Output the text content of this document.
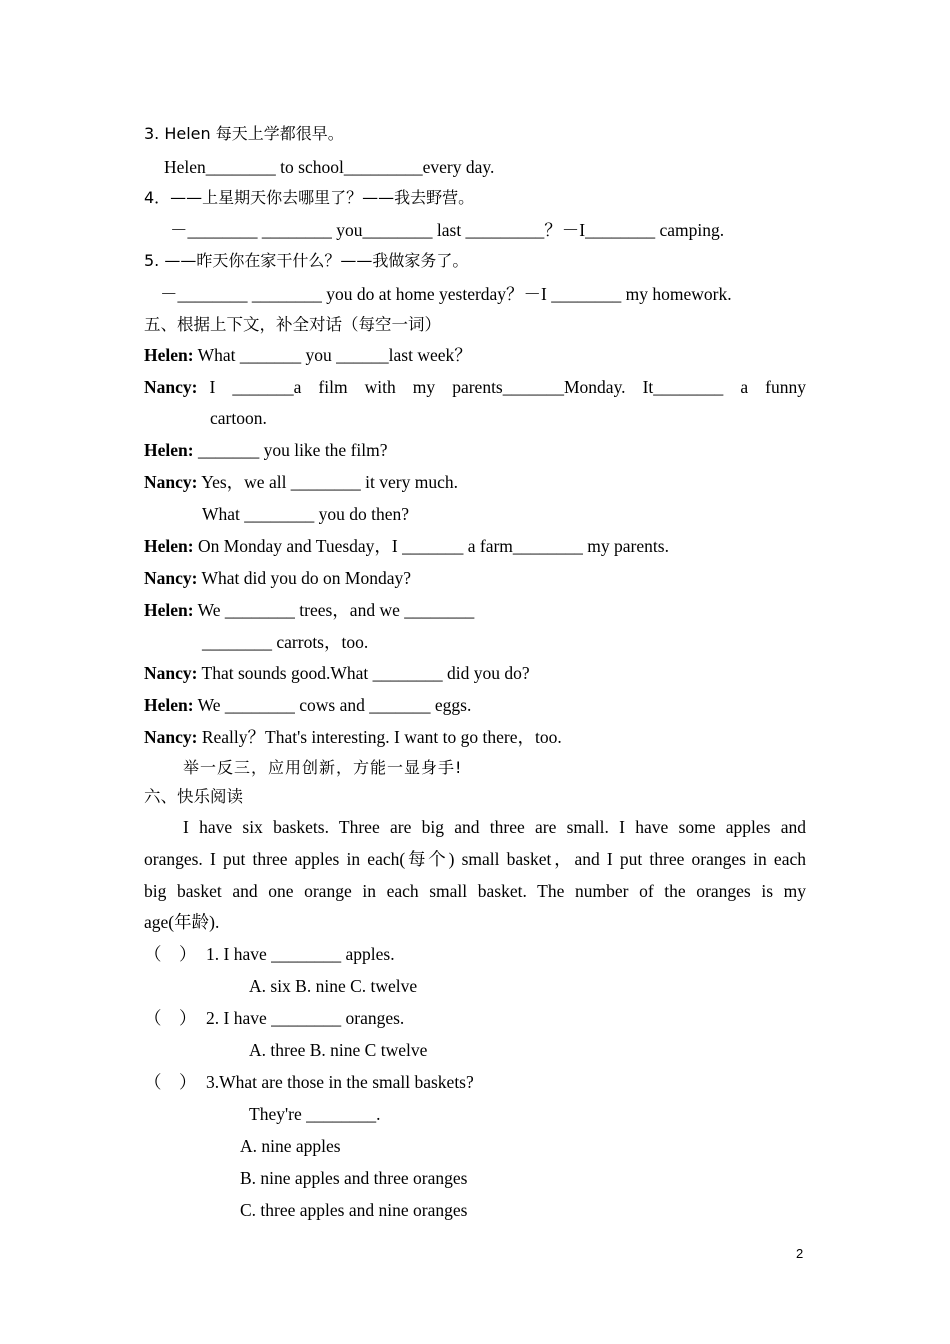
3. Helen 每天上学都很早。
Helen________ to school_________every day.
4．——上星期天你去哪里了？——我去野营。
－________ ________ you________ last _________？－I________ camping.
5. ——昨天你在家干什么？——我做家务了。
－________ ________ you do at home yesterday？－I ________ my homework.
五、根据上下文，补全对话（每空一词）
Helen: What _______ you ______last week？
Nancy: I _______a film with my parents_______Monday. It________ a funny
cartoon.
Helen: _______ you like the film?
Nancy: Yes，we all ________ it very much.
What ________ you do then?
Helen: On Monday and Tuesday，I _______ a farm________ my parents.
Nancy: What did you do on Monday?
Helen: We ________ trees，and we ________
________ carrots，too.
Nancy: That sounds good.What ________ did you do?
Helen: We ________ cows and _______ eggs.
Nancy: Really？That's interesting. I want to go there，too.
举一反三，应用创新，方能一显身手!
六、快乐阅读
I have six baskets. Three are big and three are small. I have some apples and
oranges. I put three apples in each(每个) small basket，and I put three oranges in each
big basket and one orange in each small basket. The number of the oranges is my
age(年龄).
（　） 1. I have ________ apples.
A. six B. nine C. twelve
（　） 2. I have ________ oranges.
A. three B. nine C twelve
（　） 3.What are those in the small baskets?
They're ________.
A. nine apples
B. nine apples and three oranges
C. three apples and nine oranges
2
